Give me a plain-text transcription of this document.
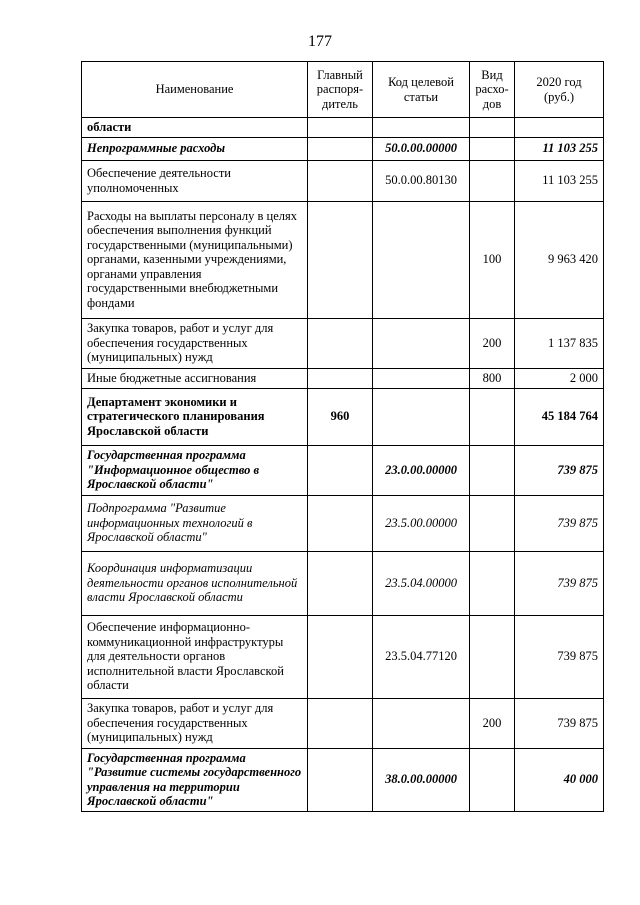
177
Наименование	Главный распоря-дитель	Код целевой статьи	Вид расхо-дов	2020 год (руб.)
области				
Непрограммные расходы		50.0.00.00000		11 103 255
Обеспечение деятельности уполномоченных		50.0.00.80130		11 103 255
Расходы на выплаты персоналу в целях обеспечения выполнения функций государственными (муниципальными) органами, казенными учреждениями, органами управления государственными внебюджетными фондами			100	9 963 420
Закупка товаров, работ и услуг для обеспечения государственных (муниципальных) нужд			200	1 137 835
Иные бюджетные ассигнования			800	2 000
Департамент экономики и стратегического планирования Ярославской области	960			45 184 764
Государственная программа "Информационное общество в Ярославской области"		23.0.00.00000		739 875
Подпрограмма "Развитие информационных технологий в Ярославской области"		23.5.00.00000		739 875
Координация информатизации деятельности органов исполнительной власти Ярославской области		23.5.04.00000		739 875
Обеспечение информационно-коммуникационной инфраструктуры для деятельности органов исполнительной власти Ярославской области		23.5.04.77120		739 875
Закупка товаров, работ и услуг для обеспечения государственных (муниципальных) нужд			200	739 875
Государственная программа "Развитие системы государственного управления на территории Ярославской области"		38.0.00.00000		40 000
